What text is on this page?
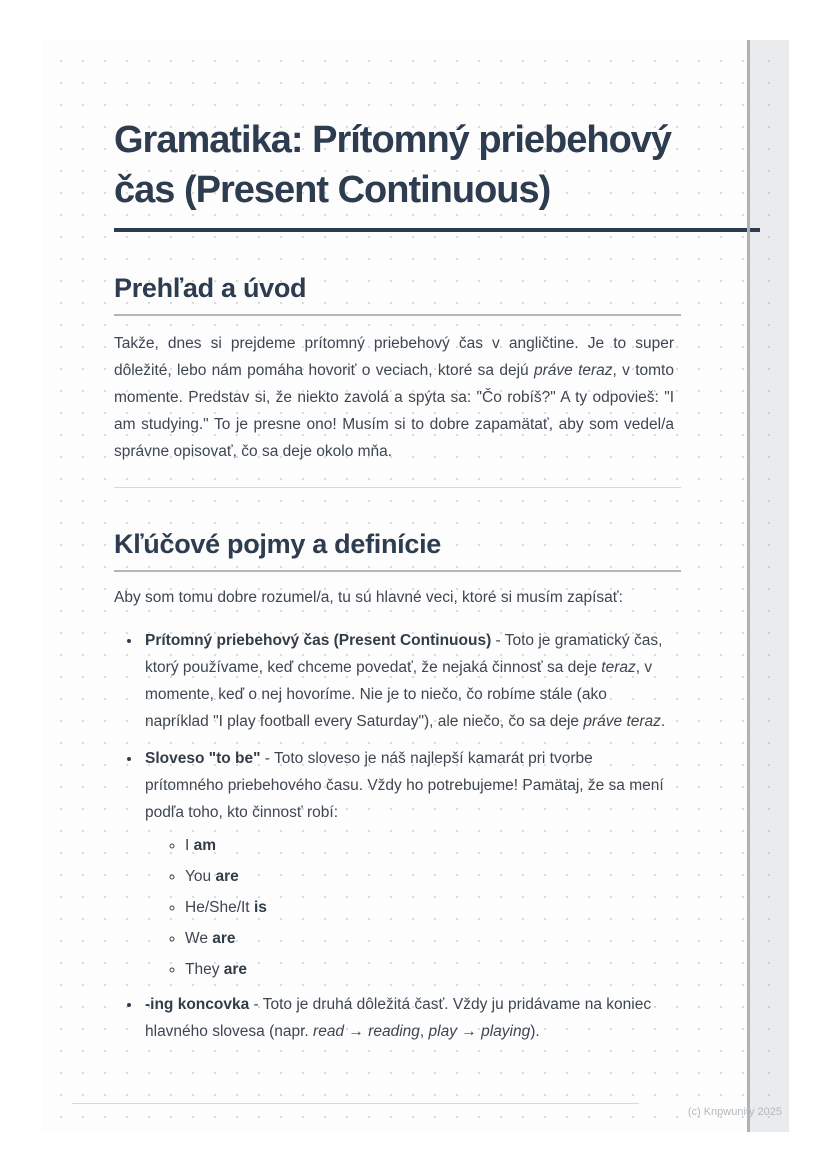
Gramatika: Prítomný priebehový čas (Present Continuous)
Prehľad a úvod

Takže, dnes si prejdeme prítomný priebehový čas v angličtine. Je to super dôležité, lebo nám pomáha hovoriť o veciach, ktoré sa dejú práve teraz, v tomto momente. Predstav si, že niekto zavolá a spýta sa: "Čo robíš?" A ty odpovieš: "I am studying." To je presne ono! Musím si to dobre zapamätať, aby som vedel/a správne opisovať, čo sa deje okolo mňa.

Kľúčové pojmy a definície

Aby som tomu dobre rozumel/a, tu sú hlavné veci, ktoré si musím zapísať:

• Prítomný priebehový čas (Present Continuous) - Toto je gramatický čas, ktorý používame, keď chceme povedať, že nejaká činnosť sa deje teraz, v momente, keď o nej hovoríme. Nie je to niečo, čo robíme stále (ako napríklad "I play football every Saturday"), ale niečo, čo sa deje práve teraz.
• Sloveso "to be" - Toto sloveso je náš najlepší kamarát pri tvorbe prítomného priebehového času. Vždy ho potrebujeme! Pamätaj, že sa mení podľa toho, kto činnosť robí:
◦ I am
◦ You are
◦ He/She/It is
◦ We are
◦ They are
• -ing koncovka - Toto je druhá dôležitá časť. Vždy ju pridávame na koniec hlavného slovesa (napr. read → reading, play → playing).
(c) Knpwunity 2025
